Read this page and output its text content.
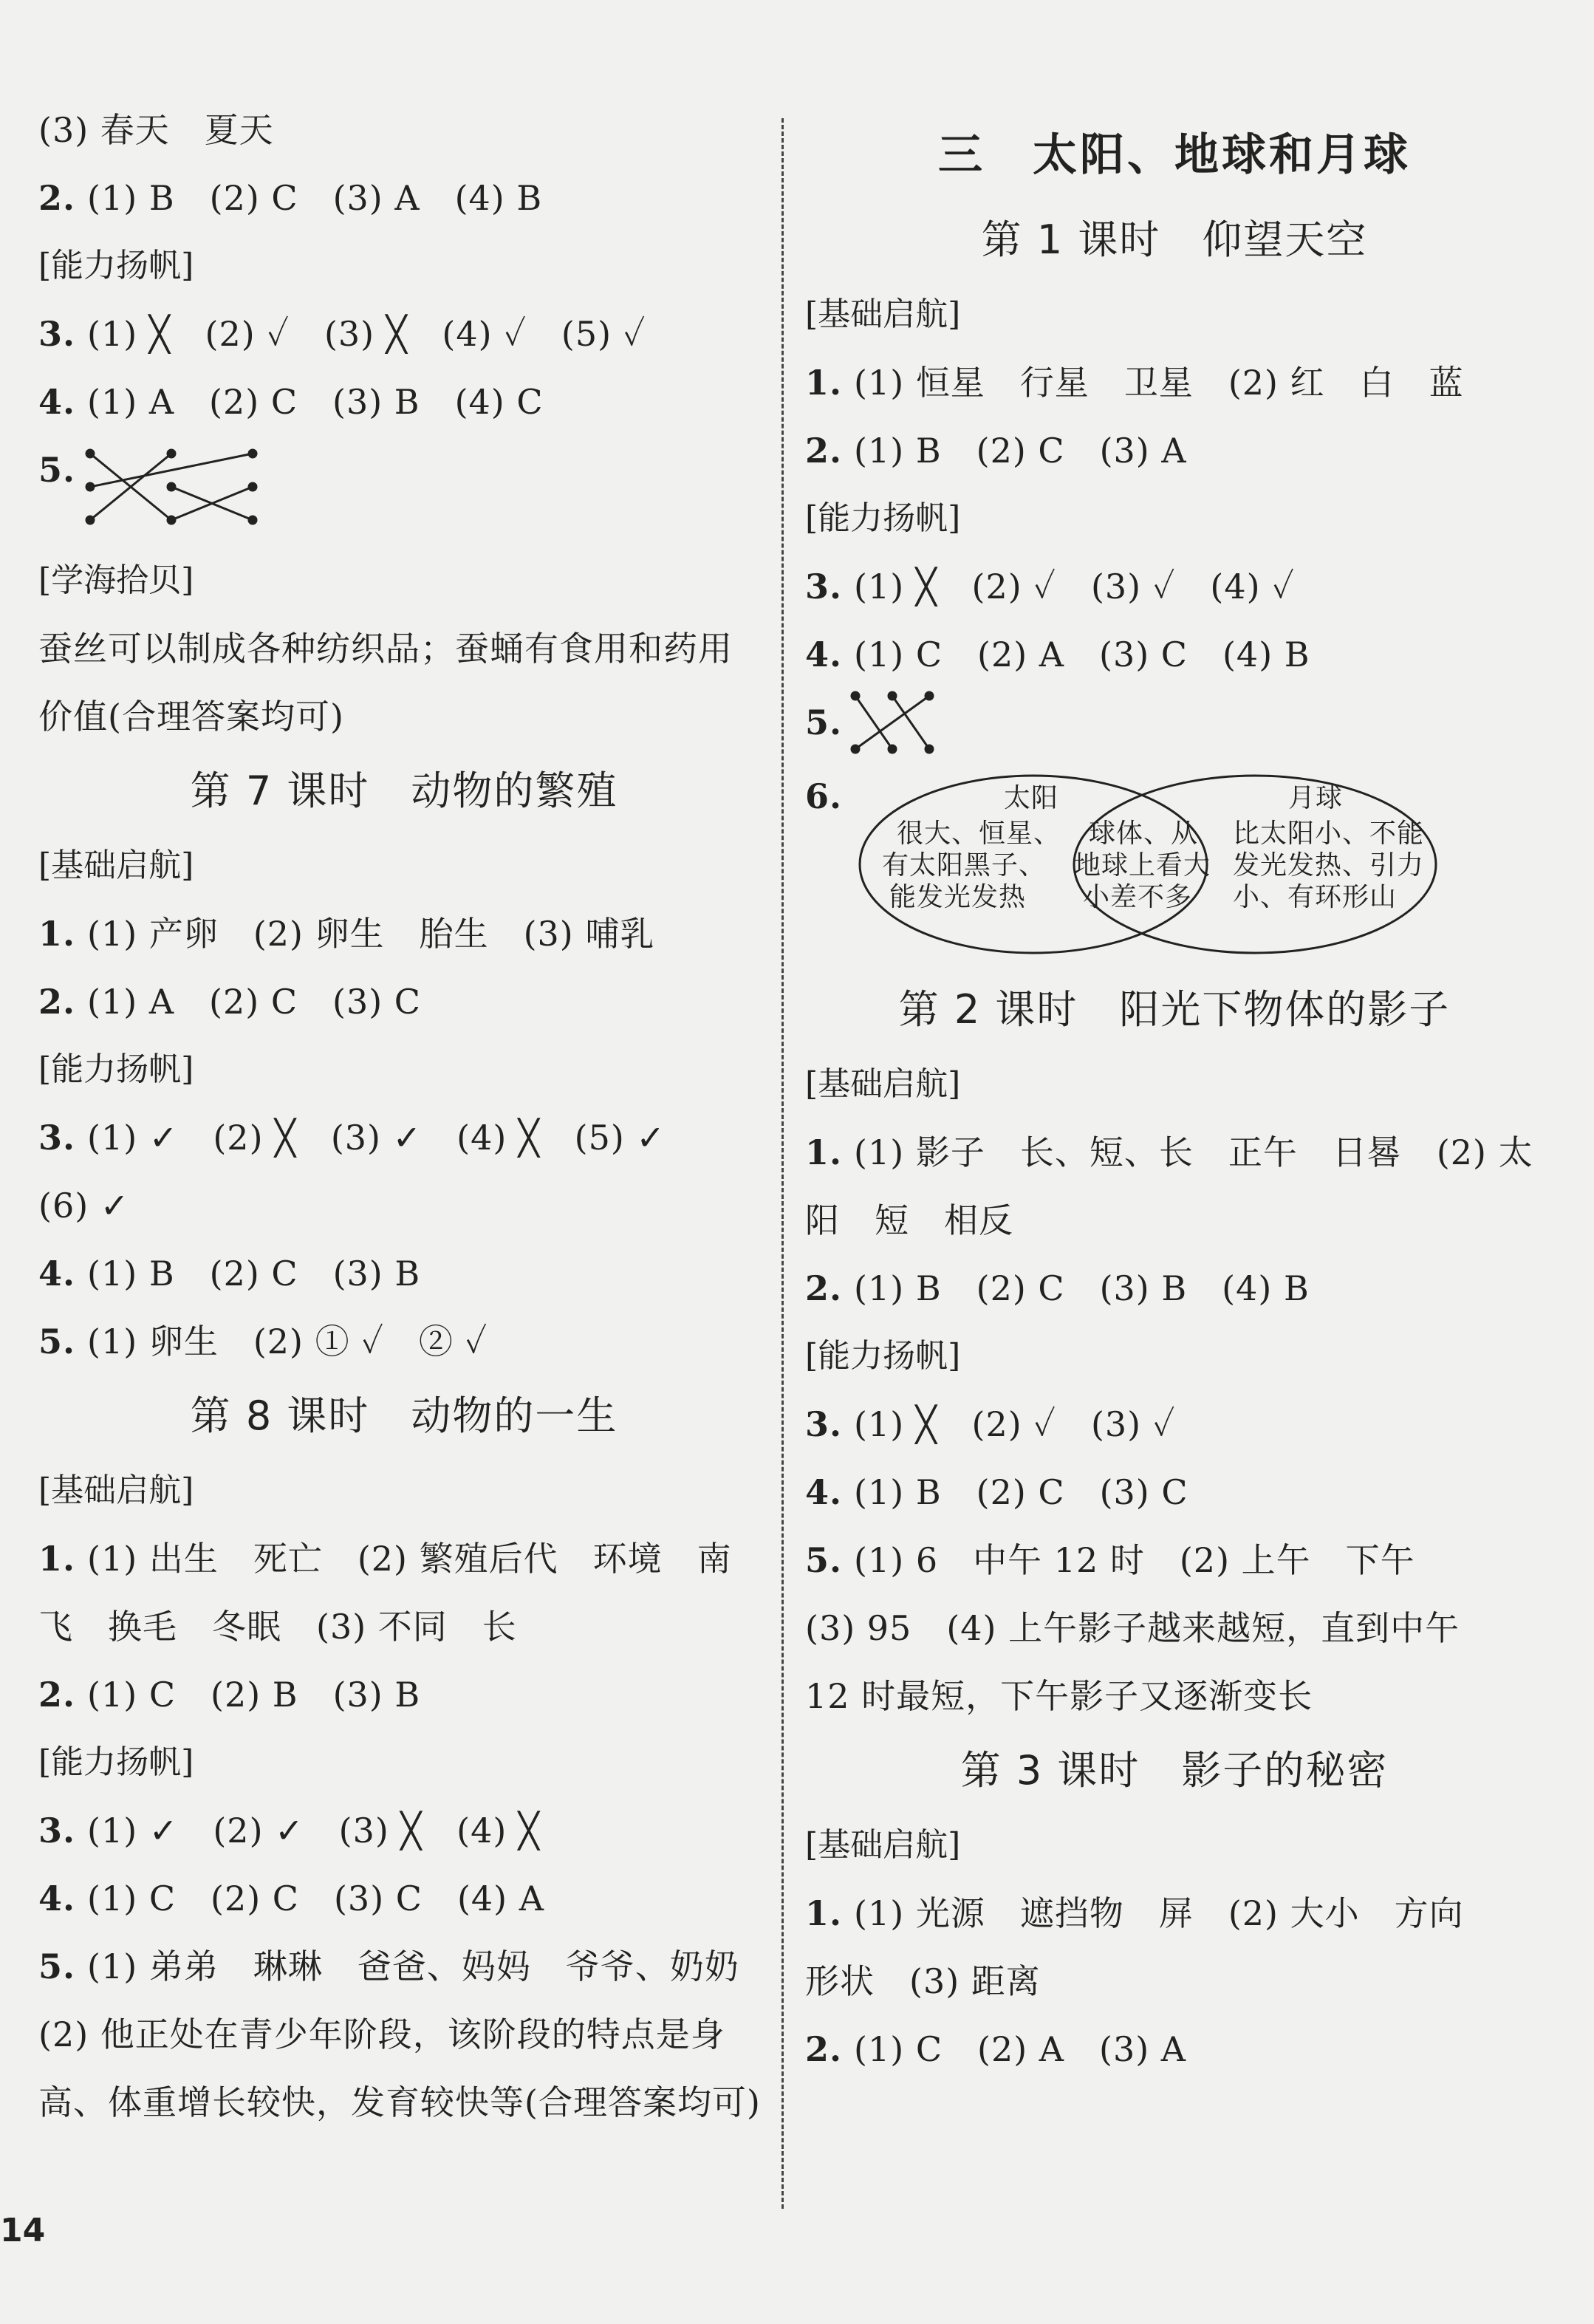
(3) 春天　夏天
2. (1) B　(2) C　(3) A　(4) B
[能力扬帆]
3. (1) ╳　(2) ✓　(3) ╳　(4) ✓　(5) ✓
4. (1) A　(2) C　(3) B　(4) C
5.
[学海拾贝]
蚕丝可以制成各种纺织品；蚕蛹有食用和药用
价值(合理答案均可)
第 7 课时　动物的繁殖
[基础启航]
1. (1) 产卵　(2) 卵生　胎生　(3) 哺乳
2. (1) A　(2) C　(3) C
[能力扬帆]
3. (1) ✓　(2) ╳　(3) ✓　(4) ╳　(5) ✓
(6) ✓
4. (1) B　(2) C　(3) B
5. (1) 卵生　(2) ① ✓　② ✓
第 8 课时　动物的一生
[基础启航]
1. (1) 出生　死亡　(2) 繁殖后代　环境　南
飞　换毛　冬眠　(3) 不同　长
2. (1) C　(2) B　(3) B
[能力扬帆]
3. (1) ✓　(2) ✓　(3) ╳　(4) ╳
4. (1) C　(2) C　(3) C　(4) A
5. (1) 弟弟　琳琳　爸爸、妈妈　爷爷、奶奶
(2) 他正处在青少年阶段，该阶段的特点是身
高、体重增长较快，发育较快等(合理答案均可)
三　太阳、地球和月球
第 1 课时　仰望天空
[基础启航]
1. (1) 恒星　行星　卫星　(2) 红　白　蓝
2. (1) B　(2) C　(3) A
[能力扬帆]
3. (1) ╳　(2) ✓　(3) ✓　(4) ✓
4. (1) C　(2) A　(3) C　(4) B
5.
6.	太阳
很大、恒星、
有太阳黑子、
能发光发热
球体、从
地球上看大
小差不多
月球
比太阳小、不能
发光发热、引力
小、有环形山
第 2 课时　阳光下物体的影子
[基础启航]
1. (1) 影子　长、短、长　正午　日晷　(2) 太
阳　短　相反
2. (1) B　(2) C　(3) B　(4) B
[能力扬帆]
3. (1) ╳　(2) ✓　(3) ✓
4. (1) B　(2) C　(3) C
5. (1) 6　中午 12 时　(2) 上午　下午
(3) 95　(4) 上午影子越来越短，直到中午
12 时最短，下午影子又逐渐变长
第 3 课时　影子的秘密
[基础启航]
1. (1) 光源　遮挡物　屏　(2) 大小　方向
形状　(3) 距离
2. (1) C　(2) A　(3) A
14
